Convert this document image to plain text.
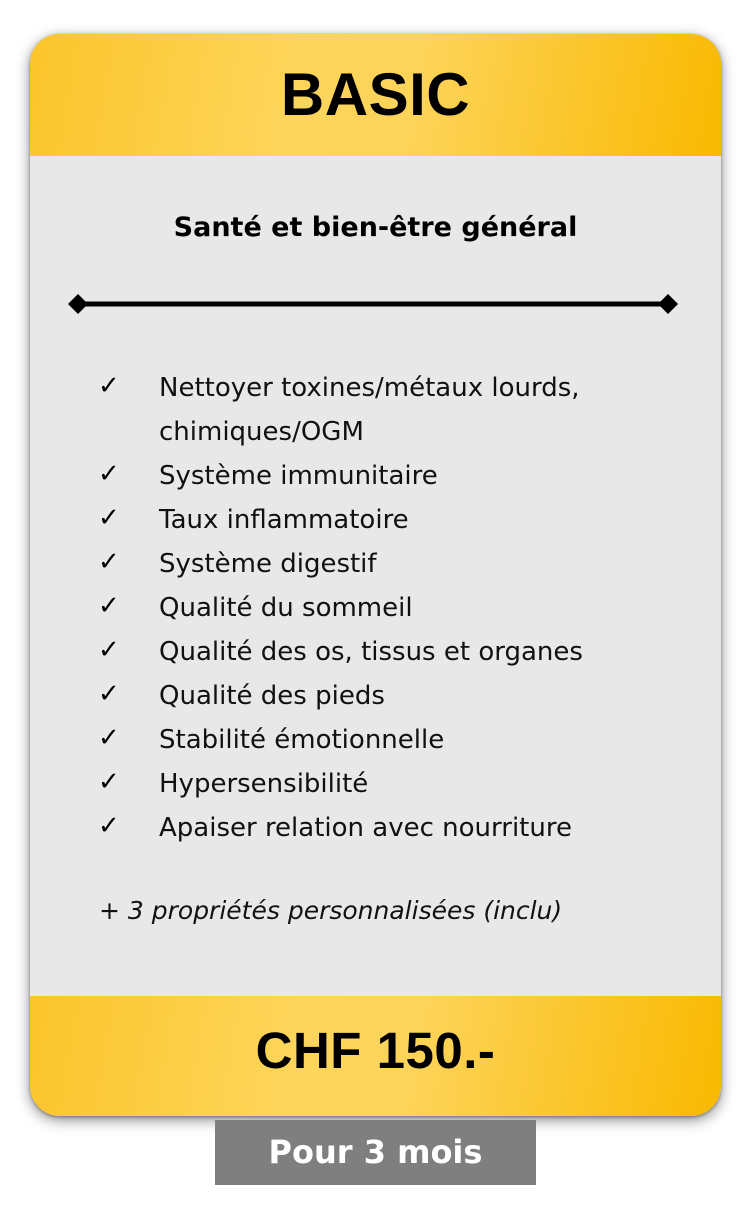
BASIC
Santé et bien-être général
✓	Nettoyer toxines/métaux lourds, chimiques/OGM
✓	Système immunitaire
✓	Taux inflammatoire
✓	Système digestif
✓	Qualité du sommeil
✓	Qualité des os, tissus et organes
✓	Qualité des pieds
✓	Stabilité émotionnelle
✓	Hypersensibilité
✓	Apaiser relation avec nourriture
+ 3 propriétés personnalisées (inclu)
CHF 150.-
Pour 3 mois
